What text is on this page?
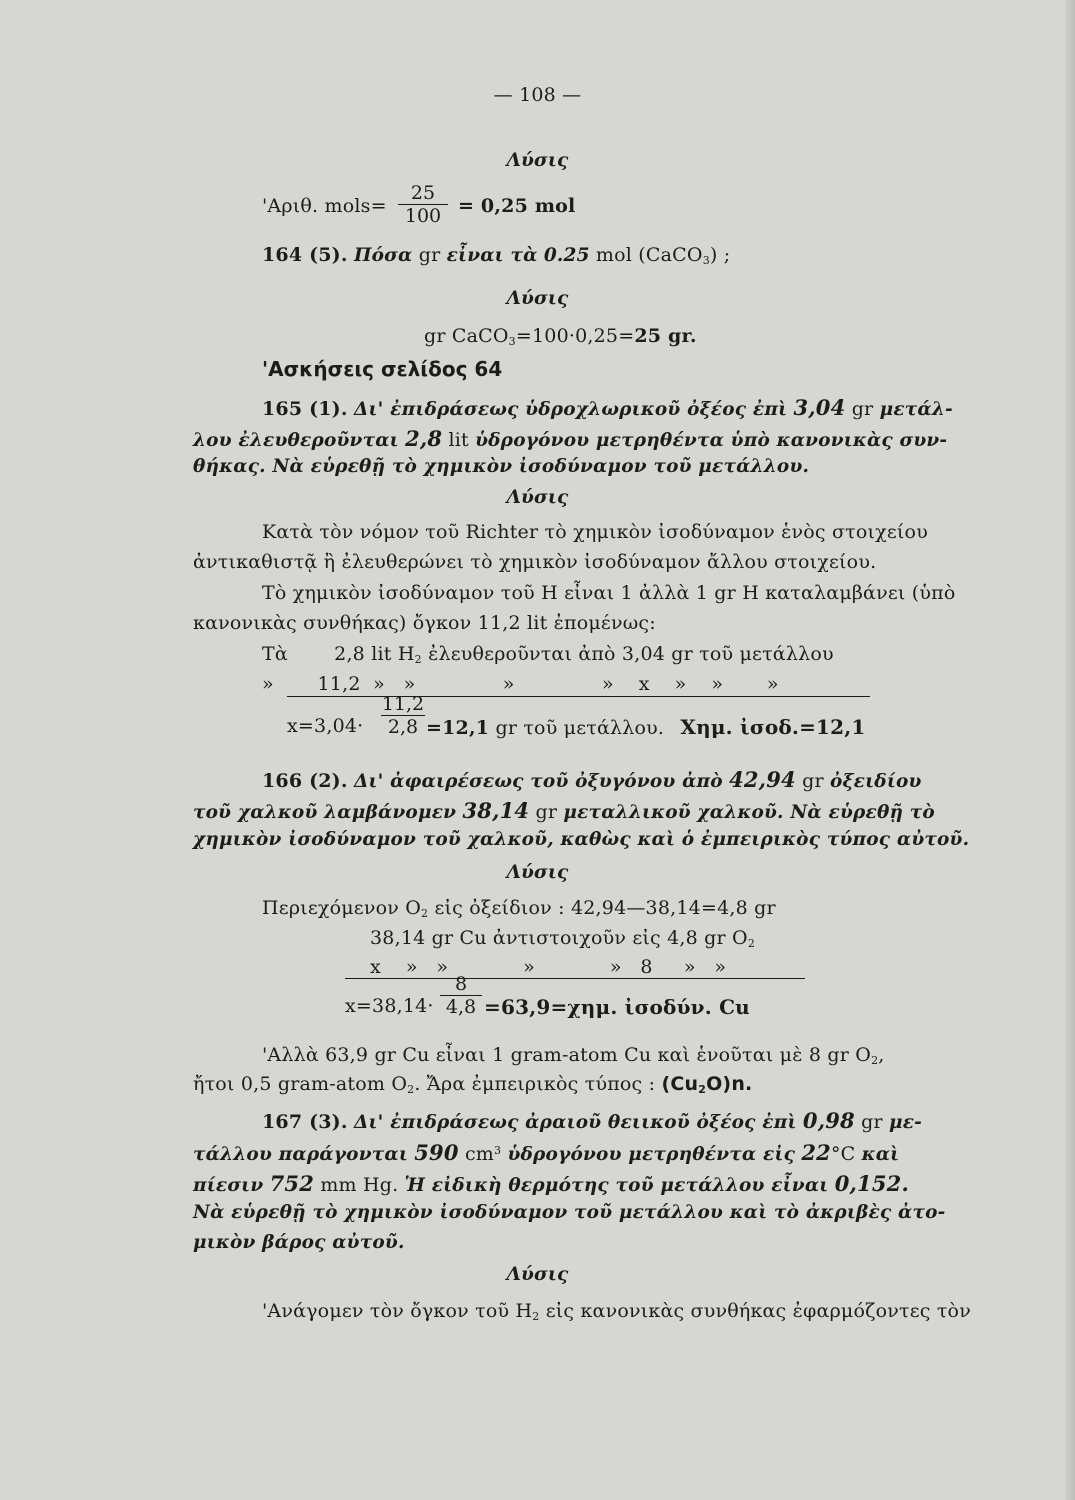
— 108 —
Λύσις
'Αριθ. mols=
25
100 = 0,25 mol
164 (5). Πόσα gr εἶναι τὰ 0.25 mol (CaCO$_3$) ;
Λύσις
gr CaCO$_3$=100·0,25=25 gr.
'Ασκήσεις σελίδος 64
165 (1). Δι' ἐπιδράσεως ὑδροχλωρικοῦ ὀξέος ἐπὶ 3,04 gr μετάλ-
λου ἐλευθεροῦνται 2,8 lit ὑδρογόνου μετρηθέντα ὑπὸ κανονικὰς συν-
θήκας. Νὰ εὑρεθῇ τὸ χημικὸν ἰσοδύναμον τοῦ μετάλλου.
Λύσις
Κατὰ τὸν νόμον τοῦ Richter τὸ χημικὸν ἰσοδύναμον ἑνὸς στοιχείου
ἀντικαθιστᾷ ἢ ἐλευθερώνει τὸ χημικὸν ἰσοδύναμον ἄλλου στοιχείου.
Τὸ χημικὸν ἰσοδύναμον τοῦ H εἶναι 1 ἀλλὰ 1 gr H καταλαμβάνει (ὑπὸ
κανονικὰς συνθήκας) ὄγκον 11,2 lit ἐπομένως:
Τὰ 2,8 lit $H_2$ ἐλευθεροῦνται ἀπὸ 3,04 gr τοῦ μετάλλου
»       11,2  »   »              »              »    x    »    »       »
x=3,04·
11,2
2,8 =12,1 gr τοῦ μετάλλου. Χημ. ἰσοδ.=12,1
166 (2). Δι' ἀφαιρέσεως τοῦ ὀξυγόνου ἀπὸ 42,94 gr ὀξειδίου
τοῦ χαλκοῦ λαμβάνομεν 38,14 gr μεταλλικοῦ χαλκοῦ. Νὰ εὑρεθῇ τὸ
χημικὸν ἰσοδύναμον τοῦ χαλκοῦ, καθὼς καὶ ὁ ἐμπειρικὸς τύπος αὐτοῦ.
Λύσις
Περιεχόμενον $O_2$ εἰς ὀξείδιον : 42,94—38,14=4,8 gr
38,14 gr Cu ἀντιστοιχοῦν εἰς 4,8 gr $O_2$
x    »   »            »            »   8     »   »
x=38,14·
8
4,8 =63,9=χημ. ἰσοδύν. Cu
'Αλλὰ 63,9 gr Cu εἶναι 1 gram-atom Cu καὶ ἑνοῦται μὲ 8 gr $O_2$,
ἤτοι 0,5 gram-atom $O_2$. Ἄρα ἐμπειρικὸς τύπος : $(Cu_2O)n$.
167 (3). Δι' ἐπιδράσεως ἀραιοῦ θειικοῦ ὀξέος ἐπὶ 0,98 gr με-
τάλλου παράγονται 590 $cm^3$ ὑδρογόνου μετρηθέντα εἰς 22°C καὶ
πίεσιν 752 mm Hg. Ἡ εἰδικὴ θερμότης τοῦ μετάλλου εἶναι 0,152.
Νὰ εὑρεθῇ τὸ χημικὸν ἰσοδύναμον τοῦ μετάλλου καὶ τὸ ἀκριβὲς ἀτο-
μικὸν βάρος αὐτοῦ.
Λύσις
'Ανάγομεν τὸν ὄγκον τοῦ $H_2$ εἰς κανονικὰς συνθήκας ἐφαρμόζοντες τὸν
